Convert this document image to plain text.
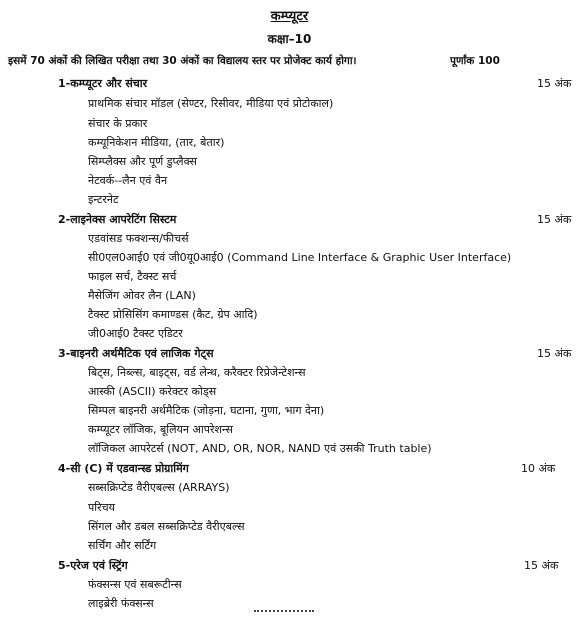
कम्प्यूटर
कक्षा–10
इसमें 70 अंकों की लिखित परीक्षा तथा 30 अंकों का विद्यालय स्तर पर प्रोजेक्ट कार्य होगा।	पूर्णांक 100
1-कम्प्यूटर और संचार	15 अंक
प्राथमिक संचार मॉडल (सेण्टर, रिसीवर, मीडिया एवं प्रोटोकाल)
संचार के प्रकार
कम्यूनिकेशन मीडिया, (तार, बेतार)
सिम्प्लैक्स और पूर्ण डुप्लैक्स
नेटवर्क--लैन एवं वैन
इन्टरनेट
2-लाइनेक्स आपरेटिंग सिस्टम	15 अंक
एडवांसड फक्शन्स/फीचर्स
सी0एल0आई0 एवं जी0यू0आई0 (Command Line Interface & Graphic User Interface)
फाइल सर्च, टैक्स्ट सर्च
मैसेजिंग ओवर लैन (LAN)
टैक्स्ट प्रोसिसिंग कमाण्डस (कैट, ग्रेप आदि)
जी0आई0 टैक्स्ट एडिटर
3-बाइनरी अर्थमैटिक एवं लाजिक गेट्स	15 अंक
बिट्स, निब्ल्स, बाइट्स, वर्ड लेन्थ, करैक्टर रिप्रेजेन्टेशन्स
आस्की (ASCII) करेक्टर कोड्स
सिम्पल बाइनरी अर्थमैटिक (जोड़ना, घटाना, गुणा, भाग देना)
कम्प्यूटर लॉजिक, बूलियन आपरेशन्स
लॉजिकल आपरेटर्स (NOT, AND, OR, NOR, NAND एवं उसकी Truth table)
4-सी (C) में एडवान्स्ड प्रोग्रामिंग	10 अंक
सब्सक्रिप्टेड वैरीएबल्स (ARRAYS)
परिचय
सिंगल और डबल सब्सक्रिप्टेड वैरीएबल्स
सर्चिंग और सर्टिंग
5-एरेज एवं स्ट्रिंग	15 अंक
फंक्सन्स एवं सबरूटीन्स
लाइब्रेरी फंक्सन्स
